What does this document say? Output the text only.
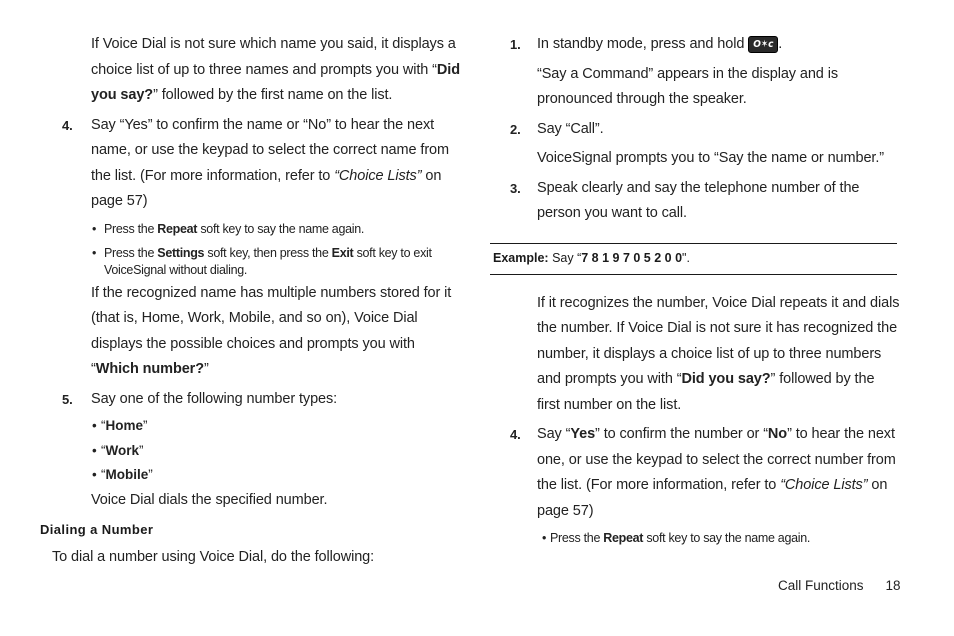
If Voice Dial is not sure which name you said, it displays a choice list of up to three names and prompts you with “Did you say?” followed by the first name on the list.

4. Say “Yes” to confirm the name or “No” to hear the next name, or use the keypad to select the correct name from the list. (For more information, refer to “Choice Lists” on page 57)
• Press the Repeat soft key to say the name again.
• Press the Settings soft key, then press the Exit soft key to exit VoiceSignal without dialing.

If the recognized name has multiple numbers stored for it (that is, Home, Work, Mobile, and so on), Voice Dial displays the possible choices and prompts you with “Which number?”

5. Say one of the following number types:
• “Home”
• “Work”
• “Mobile”

Voice Dial dials the specified number.

Dialing a Number

To dial a number using Voice Dial, do the following:

1. In standby mode, press and hold O✶c .

“Say a Command” appears in the display and is pronounced through the speaker.

2. Say “Call”.

VoiceSignal prompts you to “Say the name or number.”

3. Speak clearly and say the telephone number of the person you want to call.
Example: Say “7 8 1 9 7 0 5 2 0 0".

If it recognizes the number, Voice Dial repeats it and dials the number. If Voice Dial is not sure it has recognized the number, it displays a choice list of up to three numbers and prompts you with “Did you say?” followed by the first number on the list.

4. Say “Yes” to confirm the number or “No” to hear the next one, or use the keypad to select the correct number from the list. (For more information, refer to “Choice Lists” on page 57)
• Press the Repeat soft key to say the name again.
Call Functions 18
